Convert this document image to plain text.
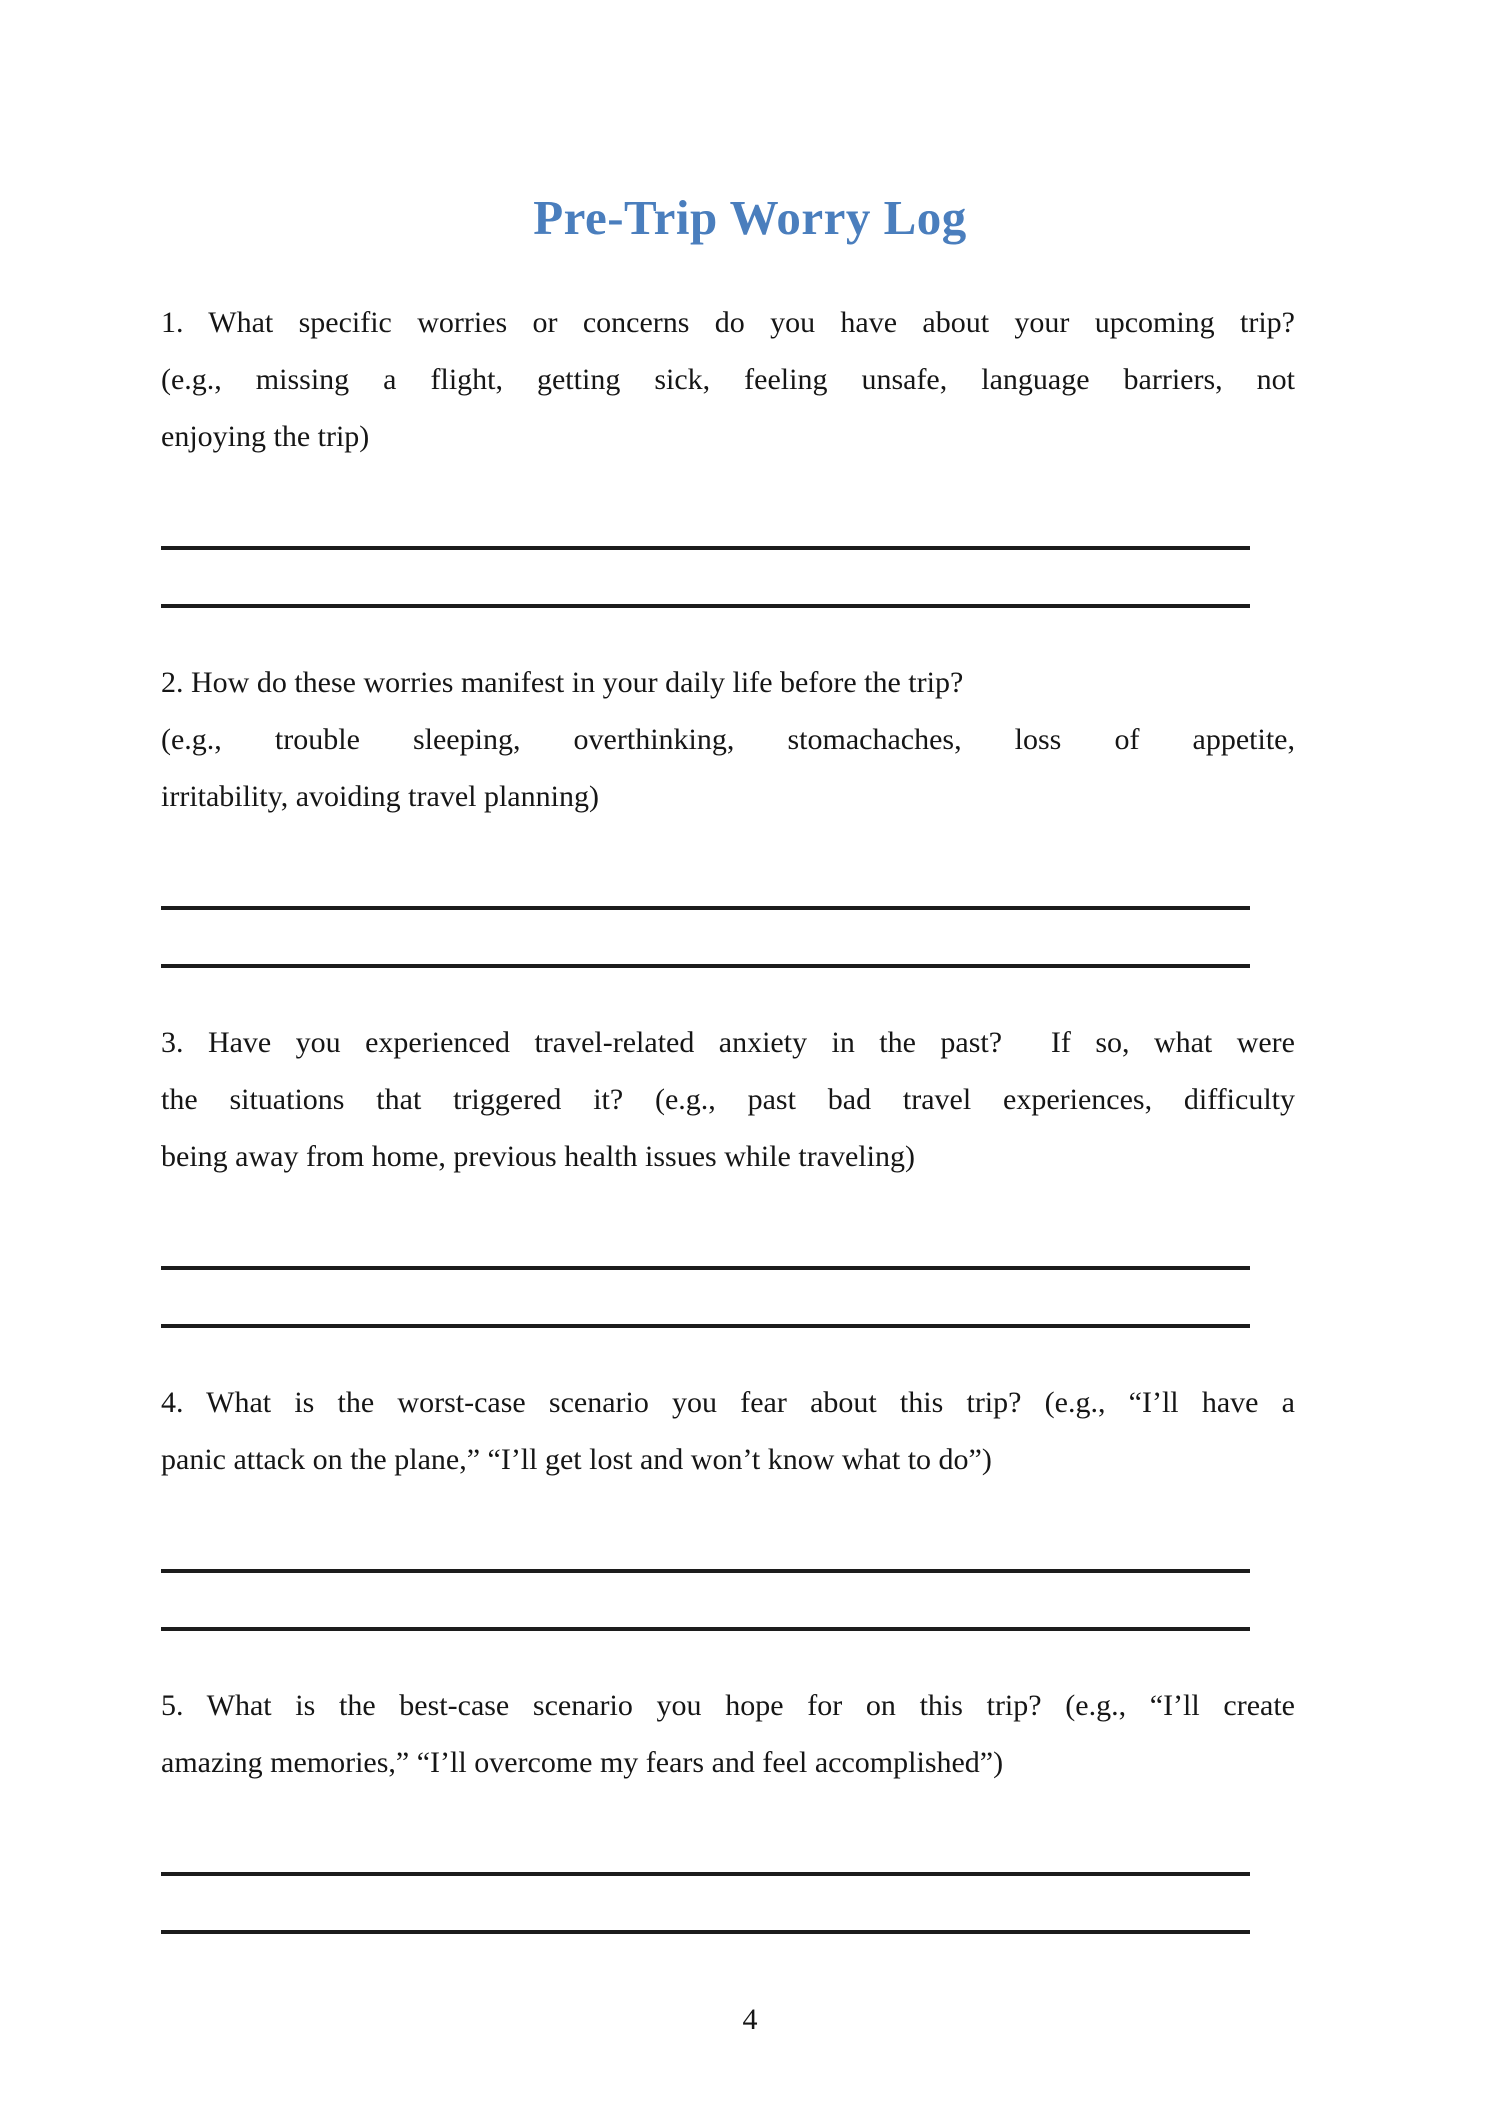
Pre-Trip Worry Log
1. What specific worries or concerns do you have about your upcoming trip?
(e.g., missing a flight, getting sick, feeling unsafe, language barriers, not
enjoying the trip)
2. How do these worries manifest in your daily life before the trip?
(e.g., trouble sleeping, overthinking, stomachaches, loss of appetite,
irritability, avoiding travel planning)
3. Have you experienced travel-related anxiety in the past?  If so, what were
the situations that triggered it? (e.g., past bad travel experiences, difficulty
being away from home, previous health issues while traveling)
4. What is the worst-case scenario you fear about this trip? (e.g., “I’ll have a
panic attack on the plane,” “I’ll get lost and won’t know what to do”)
5. What is the best-case scenario you hope for on this trip? (e.g., “I’ll create
amazing memories,” “I’ll overcome my fears and feel accomplished”)
4
